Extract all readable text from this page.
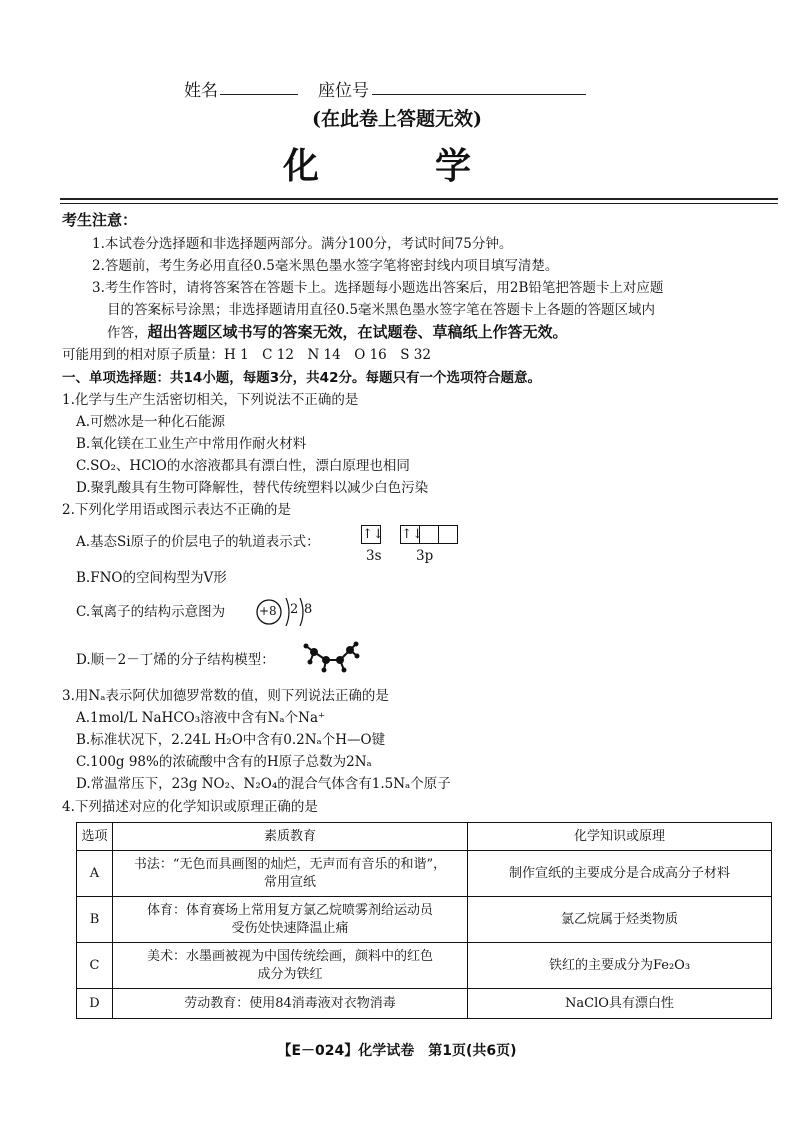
姓名	座位号
(在此卷上答题无效)
化　学
考生注意：
1.本试卷分选择题和非选择题两部分。满分100分，考试时间75分钟。
2.答题前，考生务必用直径0.5毫米黑色墨水签字笔将密封线内项目填写清楚。
3.考生作答时，请将答案答在答题卡上。选择题每小题选出答案后，用2B铅笔把答题卡上对应题
目的答案标号涂黑；非选择题请用直径0.5毫米黑色墨水签字笔在答题卡上各题的答题区域内
作答，超出答题区域书写的答案无效，在试题卷、草稿纸上作答无效。
可能用到的相对原子质量：H 1　C 12　N 14　O 16　S 32
一、单项选择题：共14小题，每题3分，共42分。每题只有一个选项符合题意。
1.化学与生产生活密切相关，下列说法不正确的是
A.可燃冰是一种化石能源
B.氧化镁在工业生产中常用作耐火材料
C.SO₂、HClO的水溶液都具有漂白性，漂白原理也相同
D.聚乳酸具有生物可降解性，替代传统塑料以减少白色污染
2.下列化学用语或图示表达不正确的是
A.基态Si原子的价层电子的轨道表示式：	↑↓ ↑↓
3s	3p
B.FNO的空间构型为V形
C.氧离子的结构示意图为	+8 2 8
D.顺－2－丁烯的分子结构模型：
3.用Nₐ表示阿伏加德罗常数的值，则下列说法正确的是
A.1mol/L NaHCO₃溶液中含有Nₐ个Na⁺
B.标准状况下，2.24L H₂O中含有0.2Nₐ个H—O键
C.100g 98%的浓硫酸中含有的H原子总数为2Nₐ
D.常温常压下，23g NO₂、N₂O₄的混合气体含有1.5Nₐ个原子
4.下列描述对应的化学知识或原理正确的是
选项	素质教育	化学知识或原理
A	书法：“无色而具画图的灿烂，无声而有音乐的和谐”，
常用宣纸	制作宣纸的主要成分是合成高分子材料
B	体育：体育赛场上常用复方氯乙烷喷雾剂给运动员
受伤处快速降温止痛	氯乙烷属于烃类物质
C	美术：水墨画被视为中国传统绘画，颜料中的红色
成分为铁红	铁红的主要成分为Fe₂O₃
D	劳动教育：使用84消毒液对衣物消毒	NaClO具有漂白性
【E－024】化学试卷　第1页(共6页)
